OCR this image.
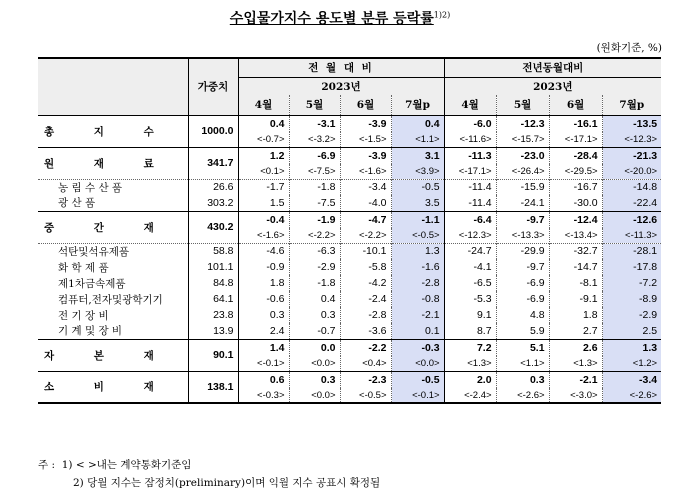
수입물가지수 용도별 분류 등락률$^{1)2)}$
(원화기준, %)
	가중치	전 월 대 비				전년동월대비			
		2023년				2023년			
		4월	5월	6월	7월p	4월	5월	6월	7월p
총 지 수	1000.0	0.4	-3.1	-3.9	0.4	-6.0	-12.3	-16.1	-13.5
		<-0.7>	<-3.2>	<-1.5>	<1.1>	<-11.6>	<-15.7>	<-17.1>	<-12.3>
원 재 료	341.7	1.2	-6.9	-3.9	3.1	-11.3	-23.0	-28.4	-21.3
		<0.1>	<-7.5>	<-1.6>	<3.9>	<-17.1>	<-26.4>	<-29.5>	<-20.0>
농 림 수 산 품	26.6	-1.7	-1.8	-3.4	-0.5	-11.4	-15.9	-16.7	-14.8
광 산 품	303.2	1.5	-7.5	-4.0	3.5	-11.4	-24.1	-30.0	-22.4
중 간 재	430.2	-0.4	-1.9	-4.7	-1.1	-6.4	-9.7	-12.4	-12.6
		<-1.6>	<-2.2>	<-2.2>	<-0.5>	<-12.3>	<-13.3>	<-13.4>	<-11.3>
석탄및석유제품	58.8	-4.6	-6.3	-10.1	1.3	-24.7	-29.9	-32.7	-28.1
화 학 제 품	101.1	-0.9	-2.9	-5.8	-1.6	-4.1	-9.7	-14.7	-17.8
제1차금속제품	84.8	1.8	-1.8	-4.2	-2.8	-6.5	-6.9	-8.1	-7.2
컴퓨터,전자및광학기기	64.1	-0.6	0.4	-2.4	-0.8	-5.3	-6.9	-9.1	-8.9
전 기 장 비	23.8	0.3	0.3	-2.8	-2.1	9.1	4.8	1.8	-2.9
기 계 및 장 비	13.9	2.4	-0.7	-3.6	0.1	8.7	5.9	2.7	2.5
자 본 재	90.1	1.4	0.0	-2.2	-0.3	7.2	5.1	2.6	1.3
		<-0.1>	<0.0>	<0.4>	<0.0>	<1.3>	<1.1>	<1.3>	<1.2>
소 비 재	138.1	0.6	0.3	-2.3	-0.5	2.0	0.3	-2.1	-3.4
		<-0.3>	<0.0>	<-0.5>	<-0.1>	<-2.4>	<-2.6>	<-3.0>	<-2.6>
주 : 1) < >내는 계약통화기준임
2) 당월 지수는 잠정치(preliminary)이며 익월 지수 공표시 확정됨
